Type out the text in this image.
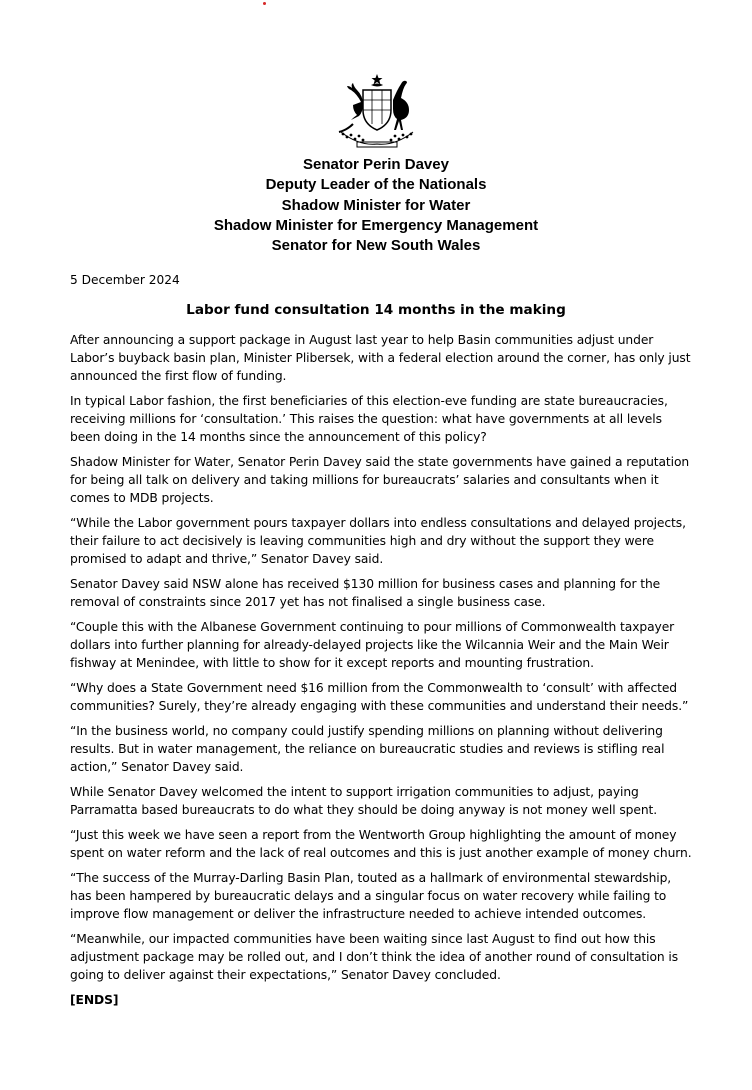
Senator Perin Davey
Deputy Leader of the Nationals
Shadow Minister for Water
Shadow Minister for Emergency Management
Senator for New South Wales
5 December 2024
Labor fund consultation 14 months in the making

After announcing a support package in August last year to help Basin communities adjust under Labor’s buyback basin plan, Minister Plibersek, with a federal election around the corner, has only just announced the first flow of funding.

In typical Labor fashion, the first beneficiaries of this election-eve funding are state bureaucracies, receiving millions for ‘consultation.’ This raises the question: what have governments at all levels been doing in the 14 months since the announcement of this policy?

Shadow Minister for Water, Senator Perin Davey said the state governments have gained a reputation for being all talk on delivery and taking millions for bureaucrats’ salaries and consultants when it comes to MDB projects.

“While the Labor government pours taxpayer dollars into endless consultations and delayed projects, their failure to act decisively is leaving communities high and dry without the support they were promised to adapt and thrive,” Senator Davey said.

Senator Davey said NSW alone has received $130 million for business cases and planning for the removal of constraints since 2017 yet has not finalised a single business case.

“Couple this with the Albanese Government continuing to pour millions of Commonwealth taxpayer dollars into further planning for already-delayed projects like the Wilcannia Weir and the Main Weir fishway at Menindee, with little to show for it except reports and mounting frustration.

“Why does a State Government need $16 million from the Commonwealth to ‘consult’ with affected communities? Surely, they’re already engaging with these communities and understand their needs.”

“In the business world, no company could justify spending millions on planning without delivering results. But in water management, the reliance on bureaucratic studies and reviews is stifling real action,” Senator Davey said.

While Senator Davey welcomed the intent to support irrigation communities to adjust, paying Parramatta based bureaucrats to do what they should be doing anyway is not money well spent.

“Just this week we have seen a report from the Wentworth Group highlighting the amount of money spent on water reform and the lack of real outcomes and this is just another example of money churn.

“The success of the Murray-Darling Basin Plan, touted as a hallmark of environmental stewardship, has been hampered by bureaucratic delays and a singular focus on water recovery while failing to improve flow management or deliver the infrastructure needed to achieve intended outcomes.

“Meanwhile, our impacted communities have been waiting since last August to find out how this adjustment package may be rolled out, and I don’t think the idea of another round of consultation is going to deliver against their expectations,” Senator Davey concluded.

[ENDS]
